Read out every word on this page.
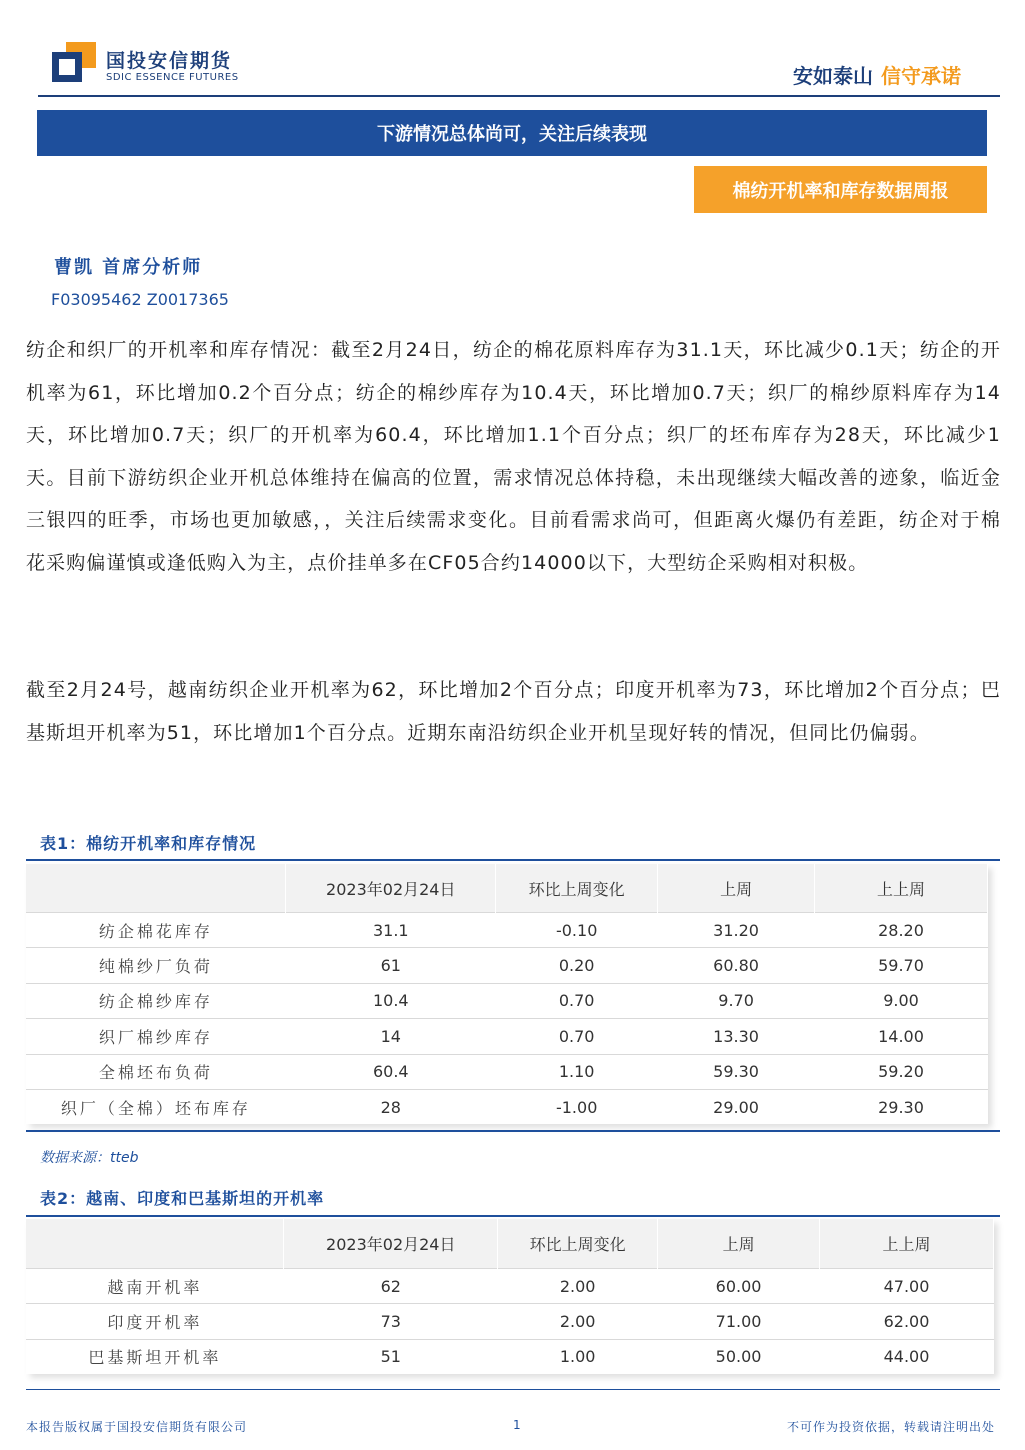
国投安信期货
SDIC ESSENCE FUTURES	安如泰山 信守承诺
下游情况总体尚可，关注后续表现
棉纺开机率和库存数据周报
曹凯 首席分析师
F03095462 Z0017365
纺企和织厂的开机率和库存情况：截至2月24日，纺企的棉花原料库存为31.1天，环比减少0.1天；纺企的开机率为61，环比增加0.2个百分点；纺企的棉纱库存为10.4天，环比增加0.7天；织厂的棉纱原料库存为14天，环比增加0.7天；织厂的开机率为60.4，环比增加1.1个百分点；织厂的坯布库存为28天，环比减少1天。目前下游纺织企业开机总体维持在偏高的位置，需求情况总体持稳，未出现继续大幅改善的迹象，临近金三银四的旺季，市场也更加敏感，，关注后续需求变化。目前看需求尚可，但距离火爆仍有差距，纺企对于棉花采购偏谨慎或逢低购入为主，点价挂单多在CF05合约14000以下，大型纺企采购相对积极。
截至2月24号，越南纺织企业开机率为62，环比增加2个百分点；印度开机率为73，环比增加2个百分点；巴基斯坦开机率为51，环比增加1个百分点。近期东南沿纺织企业开机呈现好转的情况，但同比仍偏弱。
表1：棉纺开机率和库存情况
	2023年02月24日	环比上周变化	上周	上上周
纺企棉花库存	31.1	-0.10	31.20	28.20
纯棉纱厂负荷	61	0.20	60.80	59.70
纺企棉纱库存	10.4	0.70	9.70	9.00
织厂棉纱库存	14	0.70	13.30	14.00
全棉坯布负荷	60.4	1.10	59.30	59.20
织厂（全棉）坯布库存	28	-1.00	29.00	29.30
数据来源：tteb
表2：越南、印度和巴基斯坦的开机率
	2023年02月24日	环比上周变化	上周	上上周
越南开机率	62	2.00	60.00	47.00
印度开机率	73	2.00	71.00	62.00
巴基斯坦开机率	51	1.00	50.00	44.00
本报告版权属于国投安信期货有限公司	1	不可作为投资依据，转载请注明出处
